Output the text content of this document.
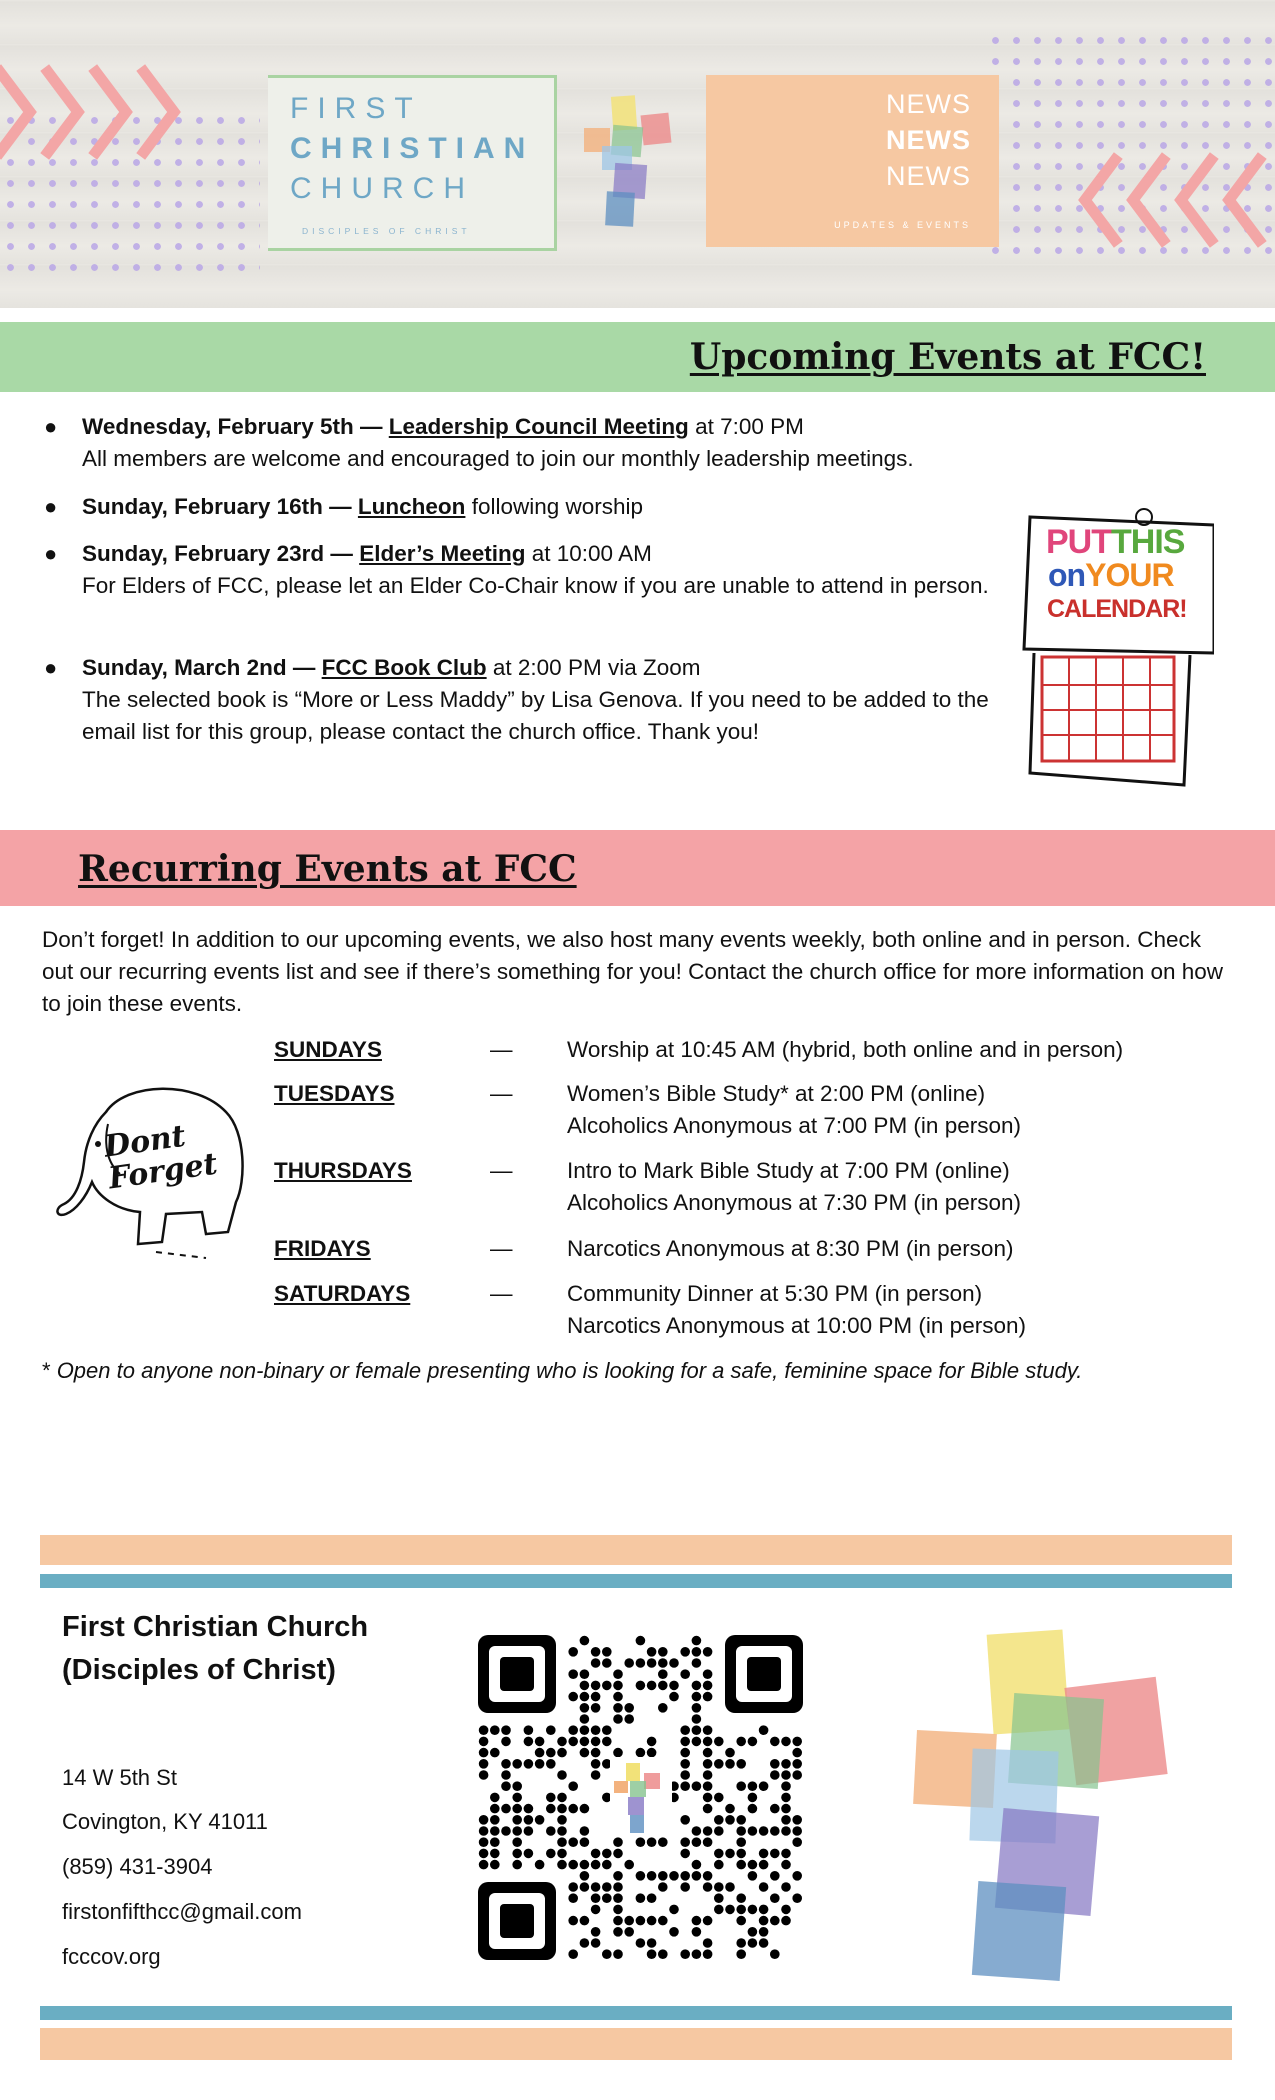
FIRST
CHRISTIAN
CHURCH
DISCIPLES OF CHRIST
NEWS
NEWS
NEWS
UPDATES & EVENTS
Upcoming Events at FCC!
● Wednesday, February 5th — Leadership Council Meeting at 7:00 PM
All members are welcome and encouraged to join our monthly leadership meetings.
● Sunday, February 16th — Luncheon following worship
● Sunday, February 23rd — Elder’s Meeting at 10:00 AM
For Elders of FCC, please let an Elder Co-Chair know if you are unable to attend in person.
● Sunday, March 2nd — FCC Book Club at 2:00 PM via Zoom
The selected book is “More or Less Maddy” by Lisa Genova. If you need to be added to the email list for this group, please contact the church office. Thank you!
PUTTHIS
onYOUR
CALENDAR!
Recurring Events at FCC
Don’t forget! In addition to our upcoming events, we also host many events weekly, both online and in person. Check out our recurring events list and see if there’s something for you! Contact the church office for more information on how to join these events.
Dont Forget
SUNDAYS	— Worship at 10:45 AM (hybrid, both online and in person)
TUESDAYS	— Women’s Bible Study* at 2:00 PM (online)
Alcoholics Anonymous at 7:00 PM (in person)
THURSDAYS	— Intro to Mark Bible Study at 7:00 PM (online)
Alcoholics Anonymous at 7:30 PM (in person)
FRIDAYS	— Narcotics Anonymous at 8:30 PM (in person)
SATURDAYS	— Community Dinner at 5:30 PM (in person)
Narcotics Anonymous at 10:00 PM (in person)
* Open to anyone non-binary or female presenting who is looking for a safe, feminine space for Bible study.
First Christian Church
(Disciples of Christ)
14 W 5th St
Covington, KY 41011
(859) 431-3904
firstonfifthcc@gmail.com
fcccov.org
